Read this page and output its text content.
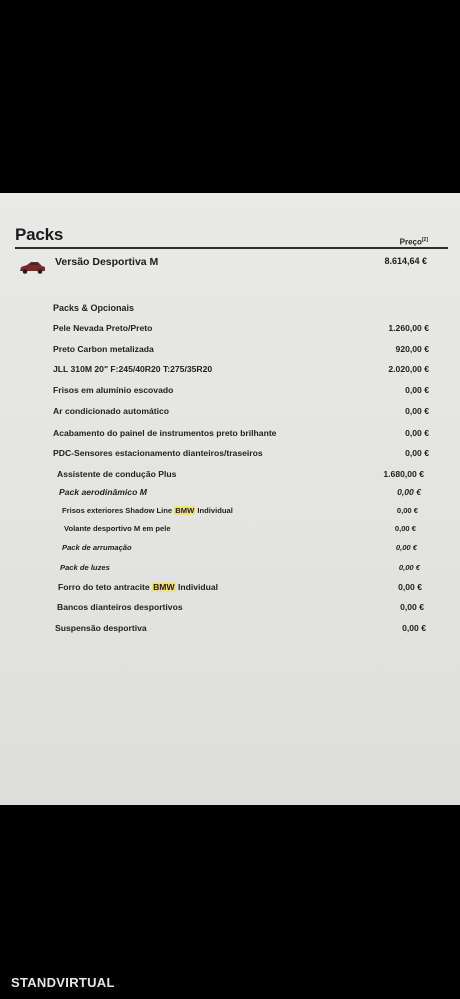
Packs	Preço[2]
Versão Desportiva M	8.614,64 €
Packs & Opcionais
Pele Nevada Preto/Preto	1.260,00 €
Preto Carbon metalizada	920,00 €
JLL 310M 20" F:245/40R20 T:275/35R20	2.020,00 €
Frisos em alumínio escovado	0,00 €
Ar condicionado automático	0,00 €
Acabamento do painel de instrumentos preto brilhante	0,00 €
PDC-Sensores estacionamento dianteiros/traseiros	0,00 €
Assistente de condução Plus	1.680,00 €
Pack aerodinâmico M	0,00 €
Frisos exteriores Shadow Line BMW Individual	0,00 €
Volante desportivo M em pele	0,00 €
Pack de arrumação	0,00 €
Pack de luzes	0,00 €
Forro do teto antracite BMW Individual	0,00 €
Bancos dianteiros desportivos	0,00 €
Suspensão desportiva	0,00 €
STANDVIRTUAL
